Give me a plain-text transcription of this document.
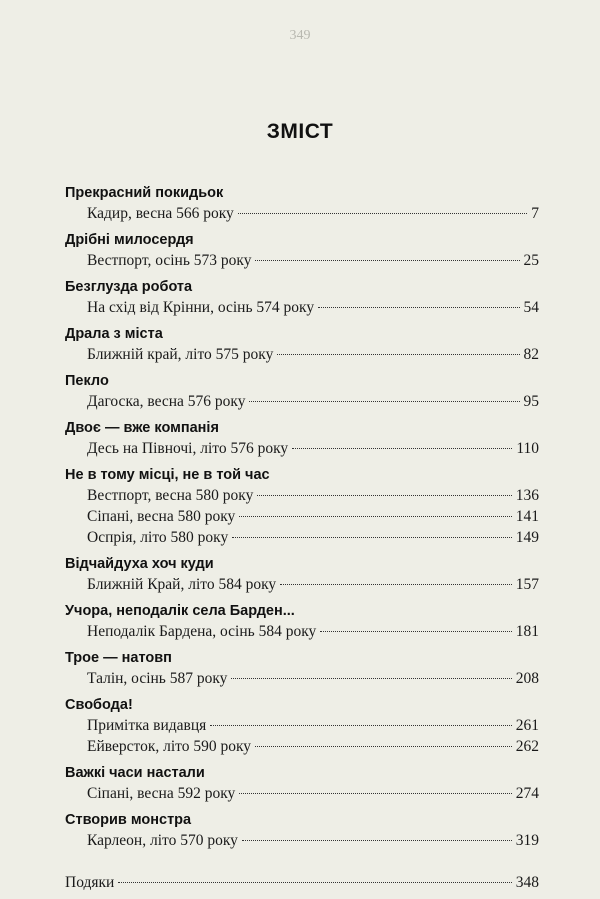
349
ЗМІСТ
Прекрасний покидьок
Кадир, весна 566 року	7
Дрібні милосердя
Вестпорт, осінь 573 року	25
Безглузда робота
На схід від Крінни, осінь 574 року	54
Драла з міста
Ближній край, літо 575 року	82
Пекло
Дагоска, весна 576 року	95
Двоє — вже компанія
Десь на Півночі, літо 576 року	110
Не в тому місці, не в той час
Вестпорт, весна 580 року	136
Сіпані, весна 580 року	141
Оспрія, літо 580 року	149
Відчайдуха хоч куди
Ближній Край, літо 584 року	157
Учора, неподалік села Барден...
Неподалік Бардена, осінь 584 року	181
Трое — натовп
Талін, осінь 587 року	208
Свобода!
Примітка видавця	261
Ейверсток, літо 590 року	262
Важкі часи настали
Сіпані, весна 592 року	274
Створив монстра
Карлеон, літо 570 року	319
Подяки	348
